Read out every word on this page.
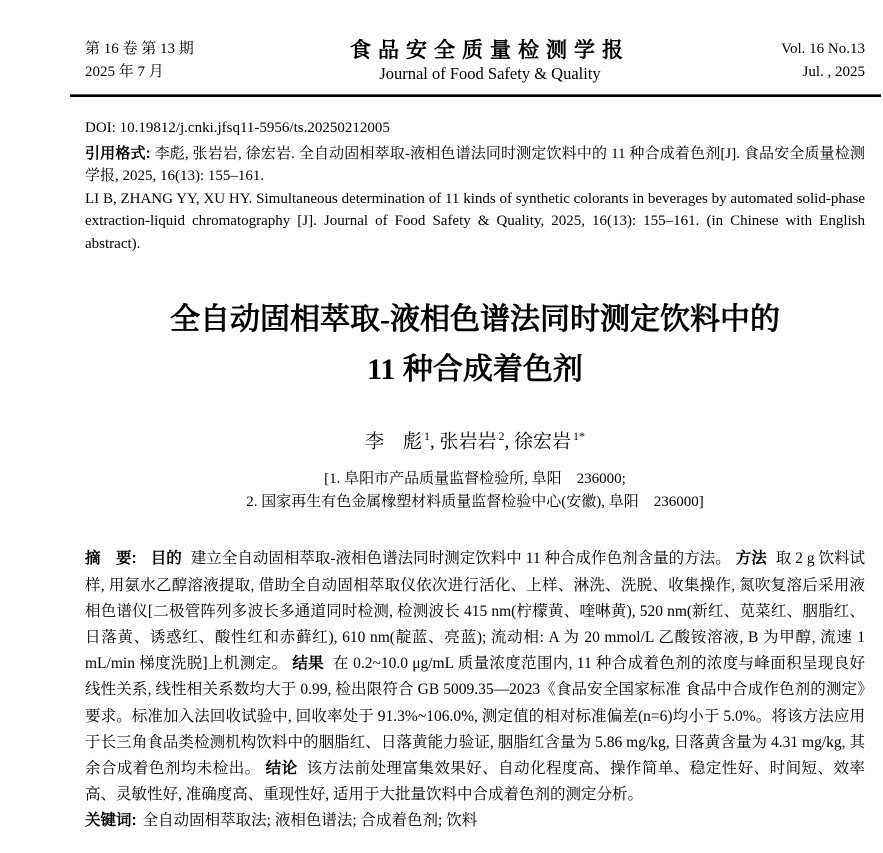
第 16 卷 第 13 期
2025 年 7 月
食品安全质量检测学报
Journal of Food Safety & Quality
Vol. 16 No.13
Jul. , 2025

DOI: 10.19812/j.cnki.jfsq11-5956/ts.20250212005

引用格式: 李彪, 张岩岩, 徐宏岩. 全自动固相萃取-液相色谱法同时测定饮料中的 11 种合成着色剂[J]. 食品安全质量检测学报, 2025, 16(13): 155–161.

LI B, ZHANG YY, XU HY. Simultaneous determination of 11 kinds of synthetic colorants in beverages by automated solid-phase extraction-liquid chromatography [J]. Journal of Food Safety & Quality, 2025, 16(13): 155–161. (in Chinese with English abstract).

全自动固相萃取-液相色谱法同时测定饮料中的
11 种合成着色剂

李　彪 $^1$, 张岩岩 $^2$, 徐宏岩 $^{1*}$

[1. 阜阳市产品质量监督检验所, 阜阳　236000;
2. 国家再生有色金属橡塑材料质量监督检验中心(安徽), 阜阳　236000]

摘　要: 目的 建立全自动固相萃取-液相色谱法同时测定饮料中 11 种合成作色剂含量的方法。 方法 取 2 g 饮料试样, 用氨水乙醇溶液提取, 借助全自动固相萃取仪依次进行活化、上样、淋洗、洗脱、收集操作, 氮吹复溶后采用液相色谱仪[二极管阵列多波长多通道同时检测, 检测波长 415 nm(柠檬黄、喹啉黄), 520 nm(新红、苋菜红、胭脂红、日落黄、诱惑红、酸性红和赤藓红), 610 nm(靛蓝、亮蓝); 流动相: A 为 20 mmol/L 乙酸铵溶液, B 为甲醇, 流速 1 mL/min 梯度洗脱]上机测定。 结果 在 0.2~10.0 μg/mL 质量浓度范围内, 11 种合成着色剂的浓度与峰面积呈现良好线性关系, 线性相关系数均大于 0.99, 检出限符合 GB 5009.35—2023《食品安全国家标准 食品中合成作色剂的测定》要求。标准加入法回收试验中, 回收率处于 91.3%~106.0%, 测定值的相对标准偏差(n=6)均小于 5.0%。将该方法应用于长三角食品类检测机构饮料中的胭脂红、日落黄能力验证, 胭脂红含量为 5.86 mg/kg, 日落黄含量为 4.31 mg/kg, 其余合成着色剂均未检出。 结论 该方法前处理富集效果好、自动化程度高、操作简单、稳定性好、时间短、效率高、灵敏性好, 准确度高、重现性好, 适用于大批量饮料中合成着色剂的测定分析。

关键词: 全自动固相萃取法; 液相色谱法; 合成着色剂; 饮料
